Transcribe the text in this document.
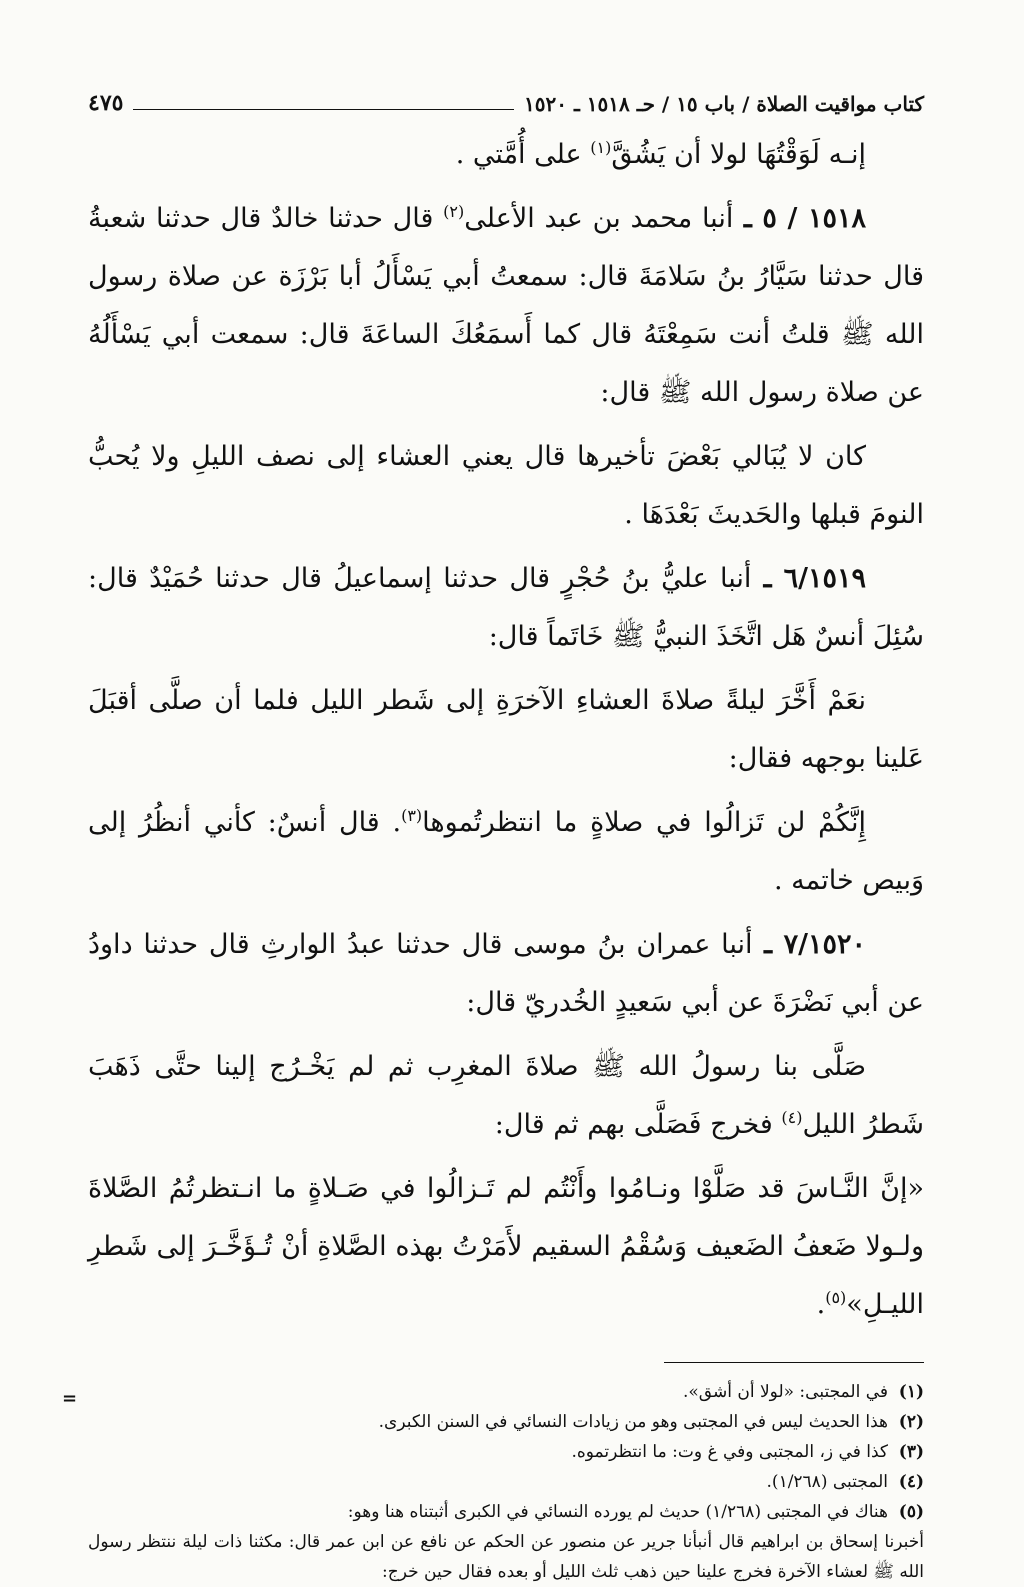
كتاب مواقيت الصلاة / باب ١٥ / حـ ١٥١٨ ـ ١٥٢٠
٤٧٥

إنـه لَوَقْتُهَا لولا أن يَشُقَّ$^{(١)}$ على أُمَّتي .

١٥١٨ / ٥ ـ أنبا محمد بن عبد الأعلى$^{(٢)}$ قال حدثنا خالدٌ قال حدثنا شعبةُ قال حدثنا سَيَّارُ بنُ سَلامَةَ قال: سمعتُ أبي يَسْأَلُ أبا بَرْزَة عن صلاة رسول الله ﷺ قلتُ أنت سَمِعْتَهُ قال كما أَسمَعُكَ الساعَةَ قال: سمعت أبي يَسْأَلُهُ عن صلاة رسول الله ﷺ قال:

كان لا يُبَالي بَعْضَ تأخيرها قال يعني العشاء إلى نصف الليلِ ولا يُحبُّ النومَ قبلها والحَديثَ بَعْدَهَا .

٦/١٥١٩ ـ أنبا عليُّ بنُ حُجْرٍ قال حدثنا إسماعيلُ قال حدثنا حُمَيْدٌ قال: سُئِلَ أنسٌ هَل اتَّخَذَ النبيُّ ﷺ خَاتَماً قال:

نعَمْ أَخَّرَ ليلةً صلاةَ العشاءِ الآخرَةِ إلى شَطر الليل فلما أن صلَّى أقبَلَ عَلينا بوجهه فقال:

إِنَّكُمْ لن تَزالُوا في صلاةٍ ما انتظرتُموها$^{(٣)}$. قال أنسٌ: كأني أنظُرُ إلى وَبيص خاتمه .

٧/١٥٢٠ ـ أنبا عمران بنُ موسى قال حدثنا عبدُ الوارثِ قال حدثنا داودُ عن أبي نَضْرَةَ عن أبي سَعيدٍ الخُدريّ قال:

صَلَّى بنا رسولُ الله ﷺ صلاةَ المغرِب ثم لم يَخْـرُج إلينا حتَّى ذَهَبَ شَطرُ الليل$^{(٤)}$ فخرج فَصَلَّى بهم ثم قال:

«إنَّ النَّـاسَ قد صَلَّوْا ونـامُوا وأَنْتُم لم تَـزالُوا في صَـلاةٍ ما انـتظرتُمُ الصَّلاةَ ولـولا ضَعفُ الضَعيف وَسُقْمُ السقيم لأَمَرْتُ بهذه الصَّلاةِ أنْ تُـؤَخَّـرَ إلى شَطرِ الليـلِ»$^{(٥)}$.

(١)
في المجتبى: «لولا أن أشق».

(٢)
هذا الحديث ليس في المجتبى وهو من زيادات النسائي في السنن الكبرى.

(٣)
كذا في ز، المجتبى وفي غ وت: ما انتظرتموه.

(٤)
المجتبى (١/٢٦٨).

(٥)
هناك في المجتبى (١/٢٦٨) حديث لم يورده النسائي في الكبرى أثبتناه هنا وهو:

أخبرنا إسحاق بن ابراهيم قال أنبأنا جرير عن منصور عن الحكم عن نافع عن ابن عمر قال: مكثنا ذات ليلة ننتظر رسول الله ﷺ لعشاء الآخرة فخرج علينا حين ذهب ثلث الليل أو بعده فقال حين خرج:

=
